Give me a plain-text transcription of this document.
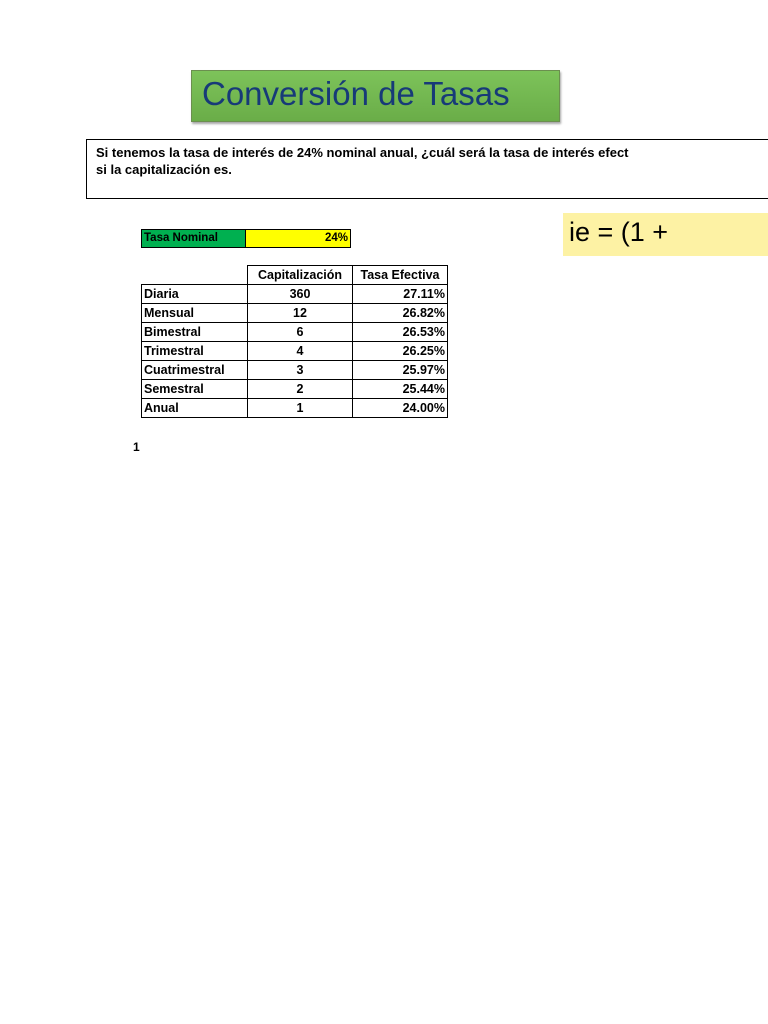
Conversión de Tasas
Si tenemos la tasa de interés de 24% nominal anual, ¿cuál será la tasa de interés efect
si la capitalización es.
ie = (1 +
Tasa Nominal	24%
	Capitalización	Tasa Efectiva
Diaria	360	27.11%
Mensual	12	26.82%
Bimestral	6	26.53%
Trimestral	4	26.25%
Cuatrimestral	3	25.97%
Semestral	2	25.44%
Anual	1	24.00%
1
